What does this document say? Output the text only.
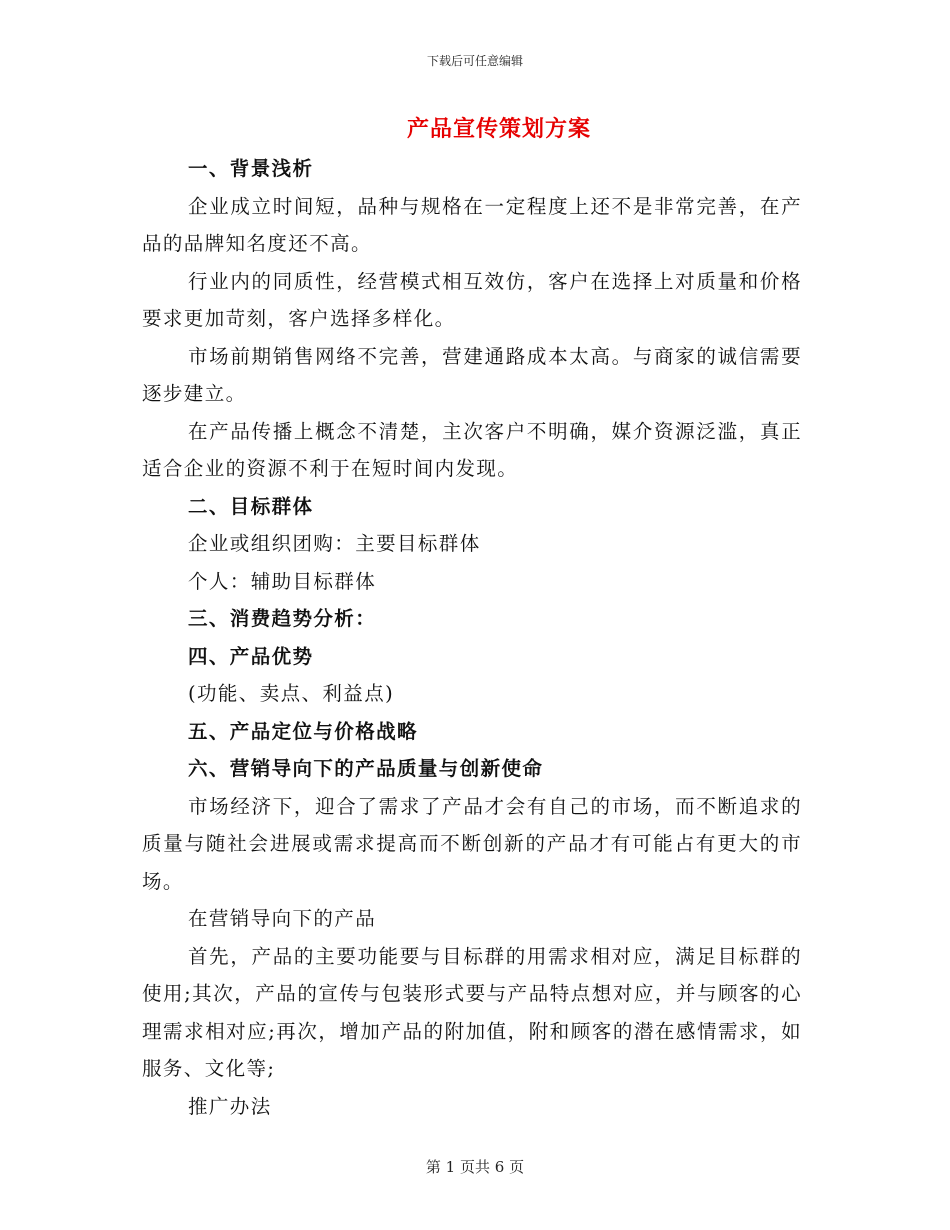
下载后可任意编辑
产品宣传策划方案

一、背景浅析

企业成立时间短，品种与规格在一定程度上还不是非常完善，在产品的品牌知名度还不高。

行业内的同质性，经营模式相互效仿，客户在选择上对质量和价格要求更加苛刻，客户选择多样化。

市场前期销售网络不完善，营建通路成本太高。与商家的诚信需要逐步建立。

在产品传播上概念不清楚，主次客户不明确，媒介资源泛滥，真正适合企业的资源不利于在短时间内发现。

二、目标群体

企业或组织团购：主要目标群体

个人：辅助目标群体

三、消费趋势分析：

四、产品优势

(功能、卖点、利益点)

五、产品定位与价格战略

六、营销导向下的产品质量与创新使命

市场经济下，迎合了需求了产品才会有自己的市场，而不断追求的质量与随社会进展或需求提高而不断创新的产品才有可能占有更大的市场。

在营销导向下的产品

首先，产品的主要功能要与目标群的用需求相对应，满足目标群的使用;其次，产品的宣传与包装形式要与产品特点想对应，并与顾客的心理需求相对应;再次，增加产品的附加值，附和顾客的潜在感情需求，如服务、文化等;

推广办法

第 1 页共 6 页
